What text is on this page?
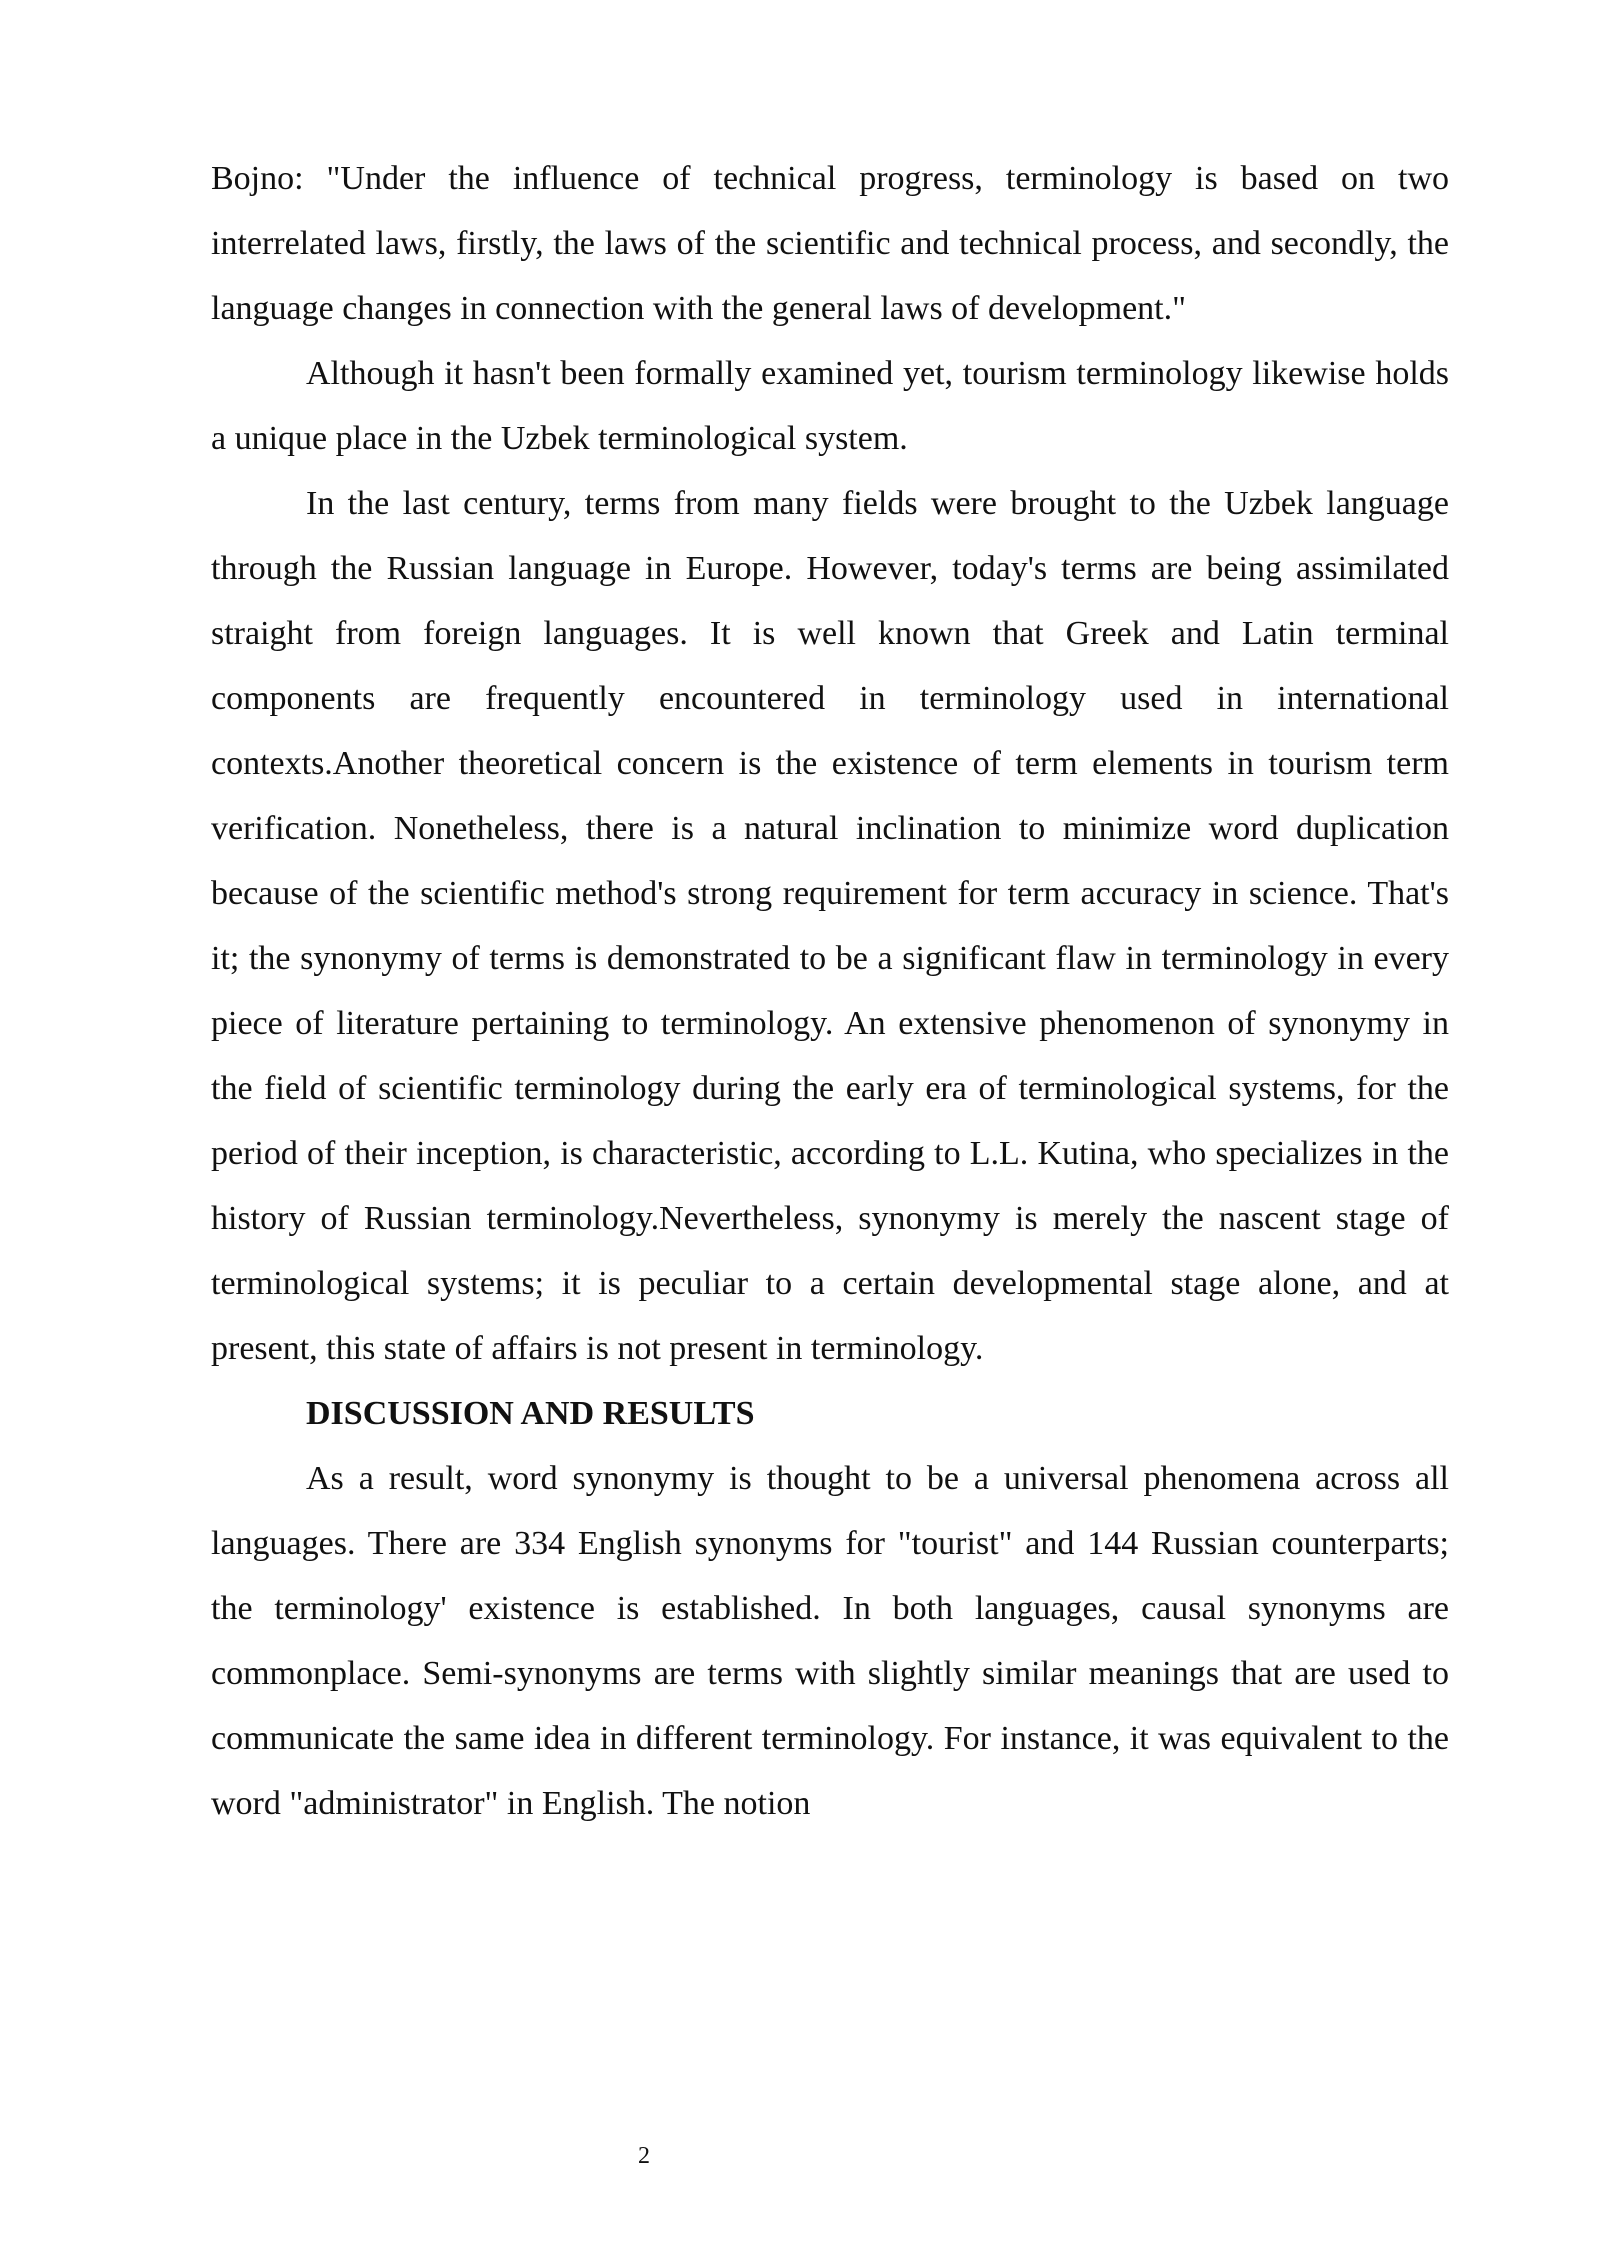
Bojno: "Under the influence of technical progress, terminology is based on two interrelated laws, firstly, the laws of the scientific and technical process, and secondly, the language changes in connection with the general laws of development."

Although it hasn't been formally examined yet, tourism terminology likewise holds a unique place in the Uzbek terminological system.

In the last century, terms from many fields were brought to the Uzbek language through the Russian language in Europe. However, today's terms are being assimilated straight from foreign languages. It is well known that Greek and Latin terminal components are frequently encountered in terminology used in international contexts.Another theoretical concern is the existence of term elements in tourism term verification. Nonetheless, there is a natural inclination to minimize word duplication because of the scientific method's strong requirement for term accuracy in science. That's it; the synonymy of terms is demonstrated to be a significant flaw in terminology in every piece of literature pertaining to terminology. An extensive phenomenon of synonymy in the field of scientific terminology during the early era of terminological systems, for the period of their inception, is characteristic, according to L.L. Kutina, who specializes in the history of Russian terminology.Nevertheless, synonymy is merely the nascent stage of terminological systems; it is peculiar to a certain developmental stage alone, and at present, this state of affairs is not present in terminology.

DISCUSSION AND RESULTS

As a result, word synonymy is thought to be a universal phenomena across all languages. There are 334 English synonyms for "tourist" and 144 Russian counterparts; the terminology' existence is established. In both languages, causal synonyms are commonplace. Semi-synonyms are terms with slightly similar meanings that are used to communicate the same idea in different terminology. For instance, it was equivalent to the word "administrator" in English. The notion

2
